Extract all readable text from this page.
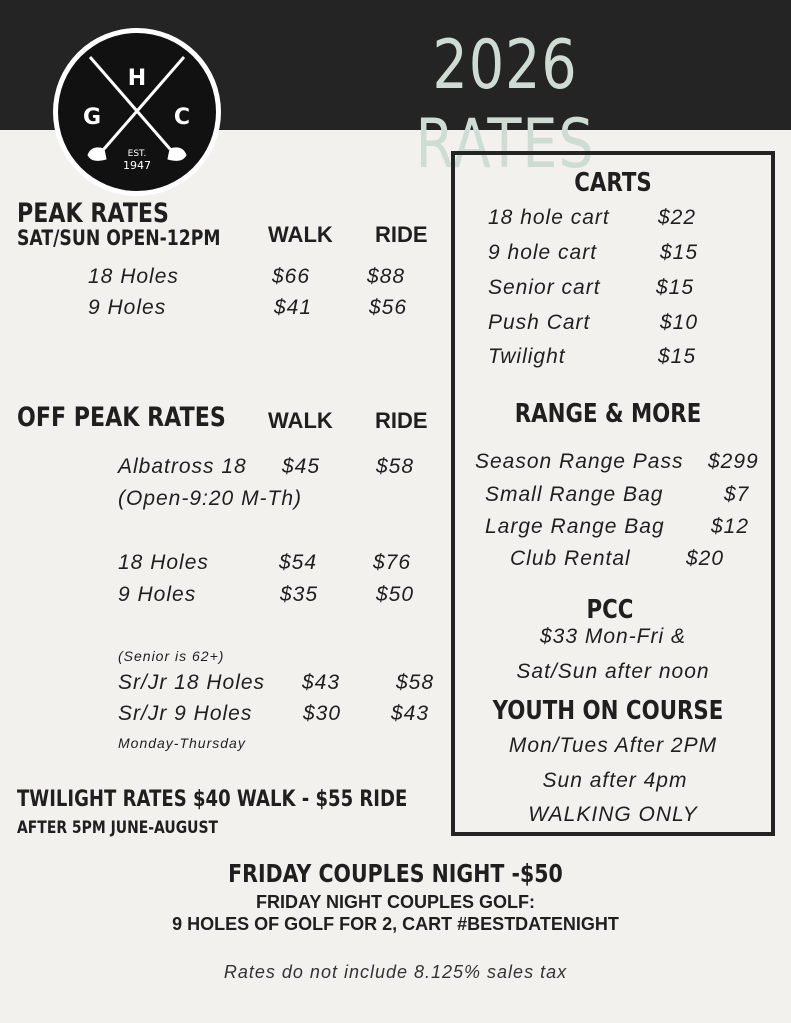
2026 RATES
H
G	C
EST.
1947
PEAK RATES
SAT/SUN OPEN-12PM WALK RIDE
18 Holes	$66	$88
9 Holes	$41	$56
OFF PEAK RATES WALK RIDE
Albatross 18 $45	$58
(Open-9:20 M-Th)
18 Holes	$54	$76
9 Holes	$35	$50
(Senior is 62+)
Sr/Jr 18 Holes $43	$58
Sr/Jr 9 Holes $30 $43
Monday-Thursday
TWILIGHT RATES $40 WALK - $55 RIDE
AFTER 5PM JUNE-AUGUST
CARTS
18 hole cart $22
9 hole cart	$15
Senior cart	$15
Push Cart	$10
Twilight	$15
RANGE & MORE
Season Range Pass $299
Small Range Bag	$7
Large Range Bag $12
Club Rental	$20
PCC
$33 Mon-Fri &
Sat/Sun after noon
YOUTH ON COURSE
Mon/Tues After 2PM
Sun after 4pm
WALKING ONLY
FRIDAY COUPLES NIGHT -$50
FRIDAY NIGHT COUPLES GOLF:
9 HOLES OF GOLF FOR 2, CART #BESTDATENIGHT
Rates do not include 8.125% sales tax
